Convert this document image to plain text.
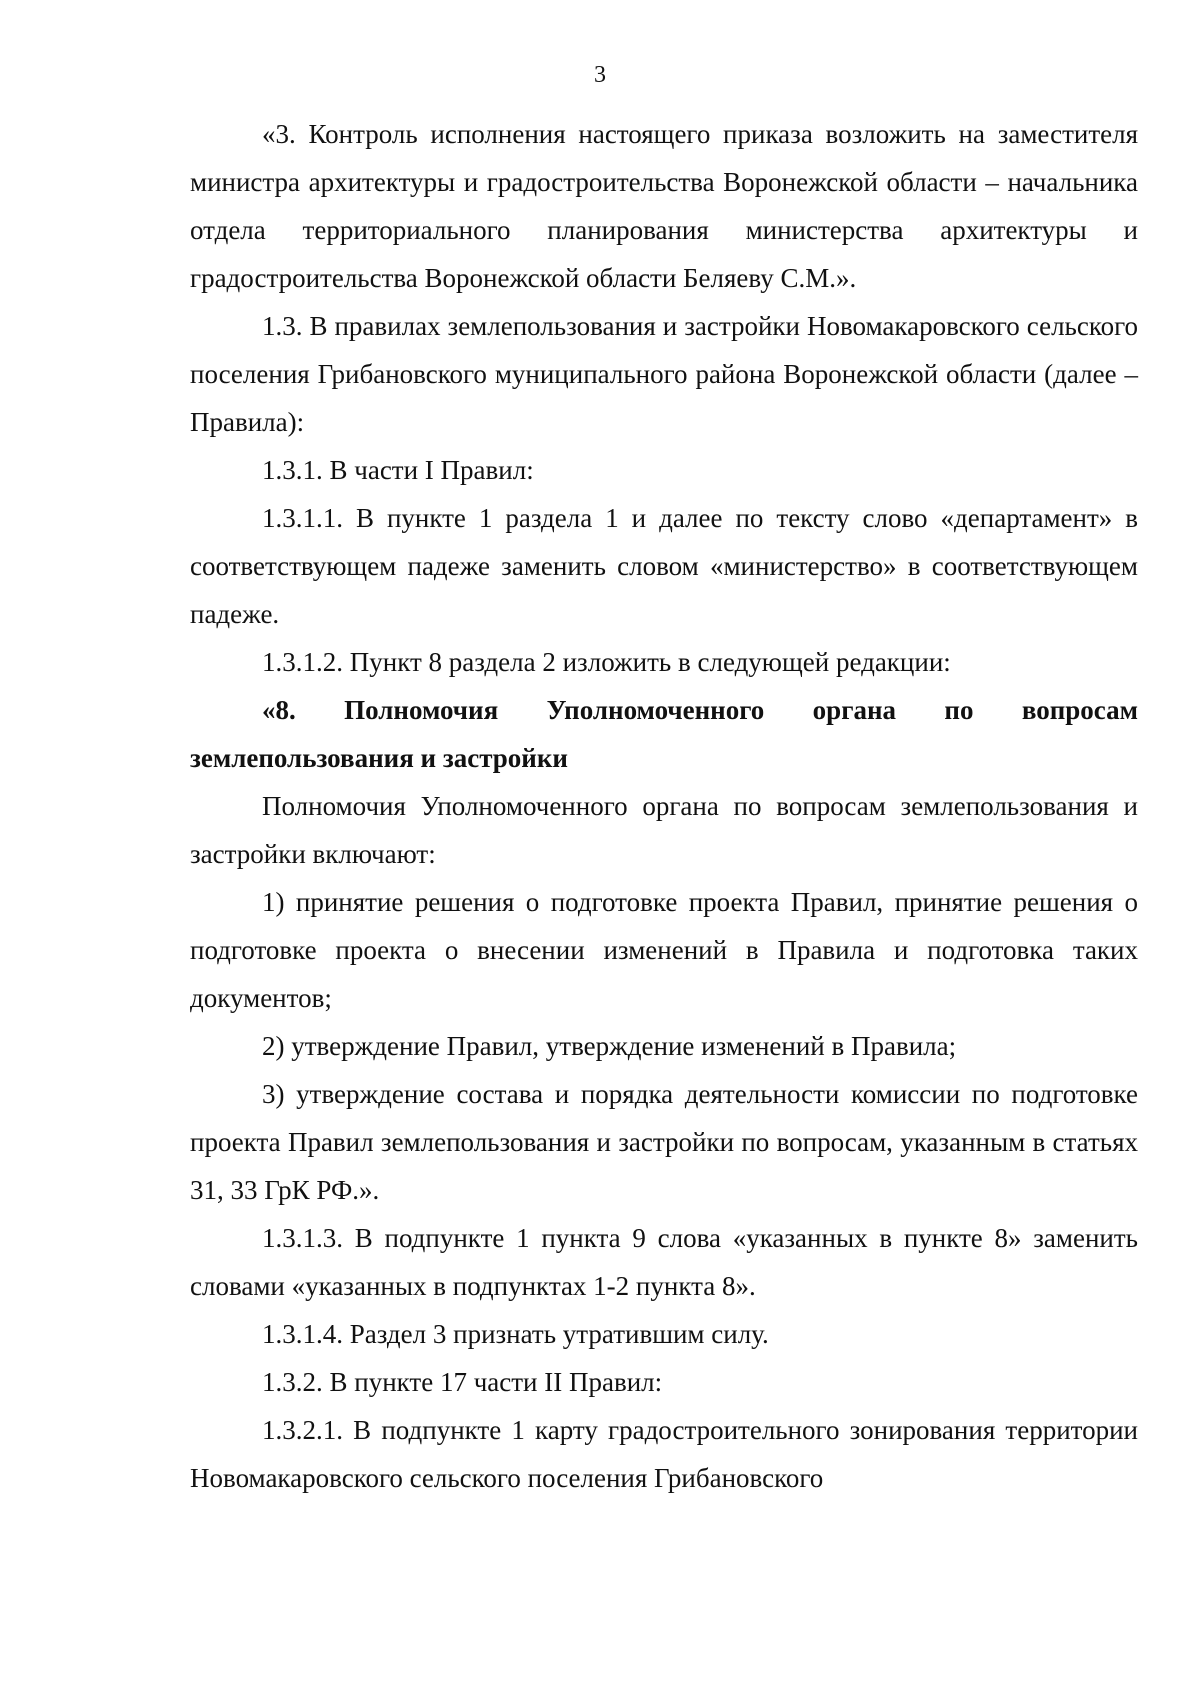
3

«3. Контроль исполнения настоящего приказа возложить на заместителя министра архитектуры и градостроительства Воронежской области – начальника отдела территориального планирования министерства архитектуры и градостроительства Воронежской области Беляеву С.М.».

1.3. В правилах землепользования и застройки Новомакаровского сельского поселения Грибановского муниципального района Воронежской области (далее – Правила):

1.3.1. В части I Правил:

1.3.1.1. В пункте 1 раздела 1 и далее по тексту слово «департамент» в соответствующем падеже заменить словом «министерство» в соответствующем падеже.

1.3.1.2. Пункт 8 раздела 2 изложить в следующей редакции:

«8. Полномочия Уполномоченного органа по вопросам землепользования и застройки

Полномочия Уполномоченного органа по вопросам землепользования и застройки включают:

1) принятие решения о подготовке проекта Правил, принятие решения о подготовке проекта о внесении изменений в Правила и подготовка таких документов;

2) утверждение Правил, утверждение изменений в Правила;

3) утверждение состава и порядка деятельности комиссии по подготовке проекта Правил землепользования и застройки по вопросам, указанным в статьях 31, 33 ГрК РФ.».

1.3.1.3. В подпункте 1 пункта 9 слова «указанных в пункте 8» заменить словами «указанных в подпунктах 1-2 пункта 8».

1.3.1.4. Раздел 3 признать утратившим силу.

1.3.2. В пункте 17 части II Правил:

1.3.2.1. В подпункте 1 карту градостроительного зонирования территории Новомакаровского сельского поселения Грибановского
